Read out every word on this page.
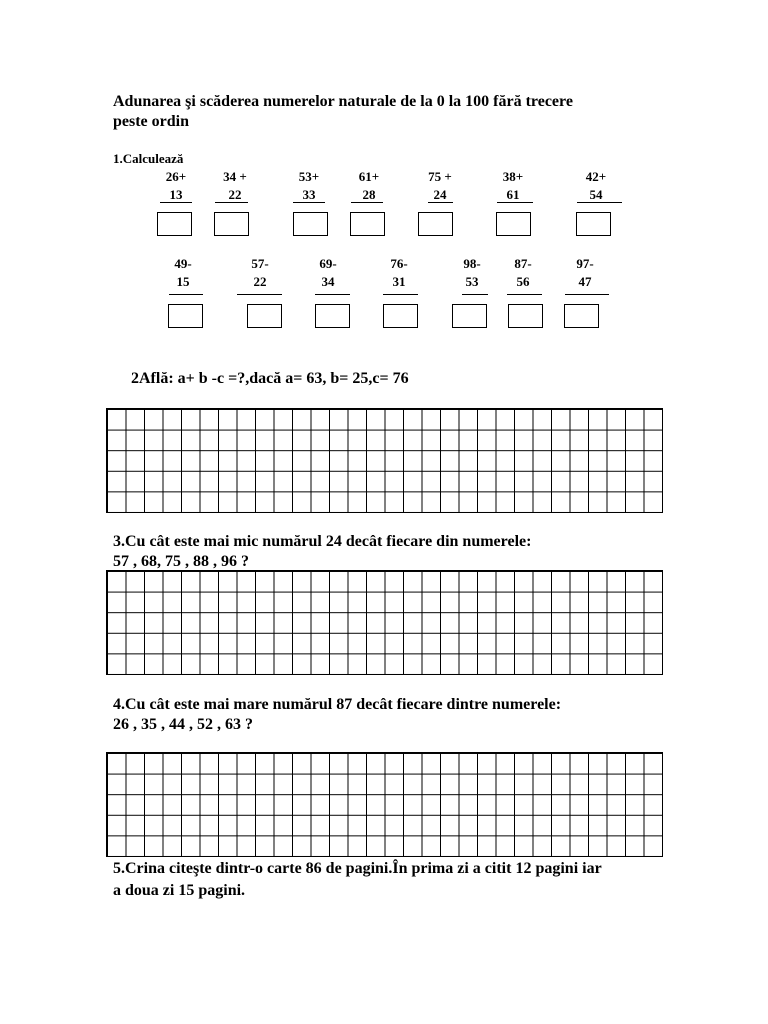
Adunarea şi scăderea numerelor naturale de la 0 la 100 fără trecere
peste ordin
1.Calculează
26+
13
34 +
22
53+
33
61+
28
75 +
24
38+
61
42+
54
49-
15
57-
22
69-
34
76-
31
98-
53
87-
56
97-
47
2Află: a+ b -c =?,dacă a= 63, b= 25,c= 76
3.Cu cât este mai mic numărul 24 decât fiecare din numerele:
57 , 68, 75 , 88 , 96 ?
4.Cu cât este mai mare numărul 87 decât fiecare dintre numerele:
26 , 35 , 44 , 52 , 63 ?
5.Crina citeşte dintr-o carte 86 de pagini.În prima zi a citit 12 pagini iar
a doua zi 15 pagini.
